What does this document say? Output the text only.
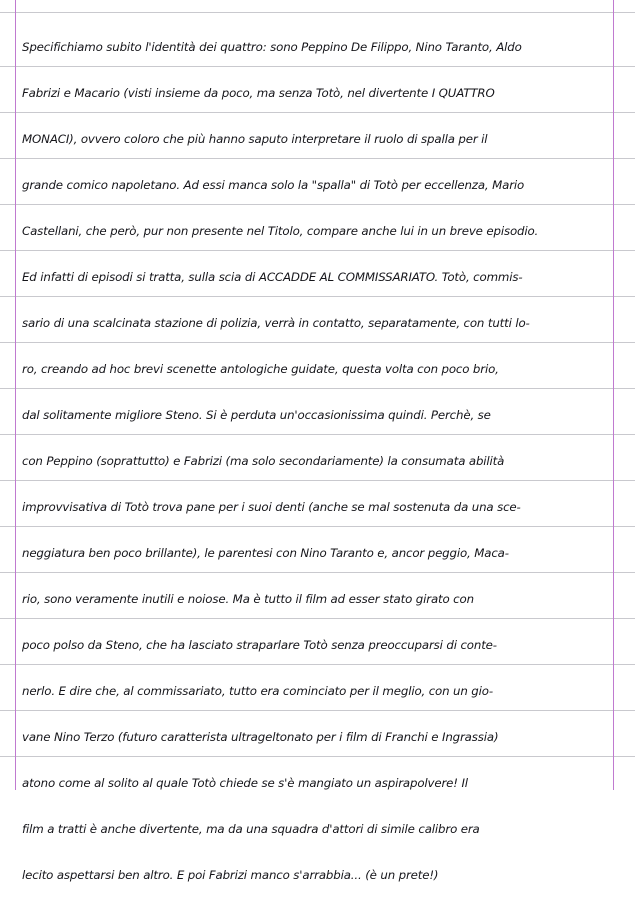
Specifichiamo subito l'identità dei quattro: sono Peppino De Filippo, Nino Taranto, Aldo
Fabrizi e Macario (visti insieme da poco, ma senza Totò, nel divertente I QUATTRO
MONACI), ovvero coloro che più hanno saputo interpretare il ruolo di spalla per il
grande comico napoletano. Ad essi manca solo la "spalla" di Totò per eccellenza, Mario
Castellani, che però, pur non presente nel Titolo, compare anche lui in un breve episodio.
Ed infatti di episodi si tratta, sulla scia di ACCADDE AL COMMISSARIATO. Totò, commis-
sario di una scalcinata stazione di polizia, verrà in contatto, separatamente, con tutti lo-
ro, creando ad hoc brevi scenette antologiche guidate, questa volta con poco brio,
dal solitamente migliore Steno. Si è perduta un'occasionissima quindi. Perchè, se
con Peppino (soprattutto) e Fabrizi (ma solo secondariamente) la consumata abilità
improvvisativa di Totò trova pane per i suoi denti (anche se mal sostenuta da una sce-
neggiatura ben poco brillante), le parentesi con Nino Taranto e, ancor peggio, Maca-
rio, sono veramente inutili e noiose. Ma è tutto il film ad esser stato girato con
poco polso da Steno, che ha lasciato straparlare Totò senza preoccuparsi di conte-
nerlo. E dire che, al commissariato, tutto era cominciato per il meglio, con un gio-
vane Nino Terzo (futuro caratterista ultrageltonato per i film di Franchi e Ingrassia)
atono come al solito al quale Totò chiede se s'è mangiato un aspirapolvere! Il
film a tratti è anche divertente, ma da una squadra d'attori di simile calibro era
lecito aspettarsi ben altro. E poi Fabrizi manco s'arrabbia... (è un prete!)
